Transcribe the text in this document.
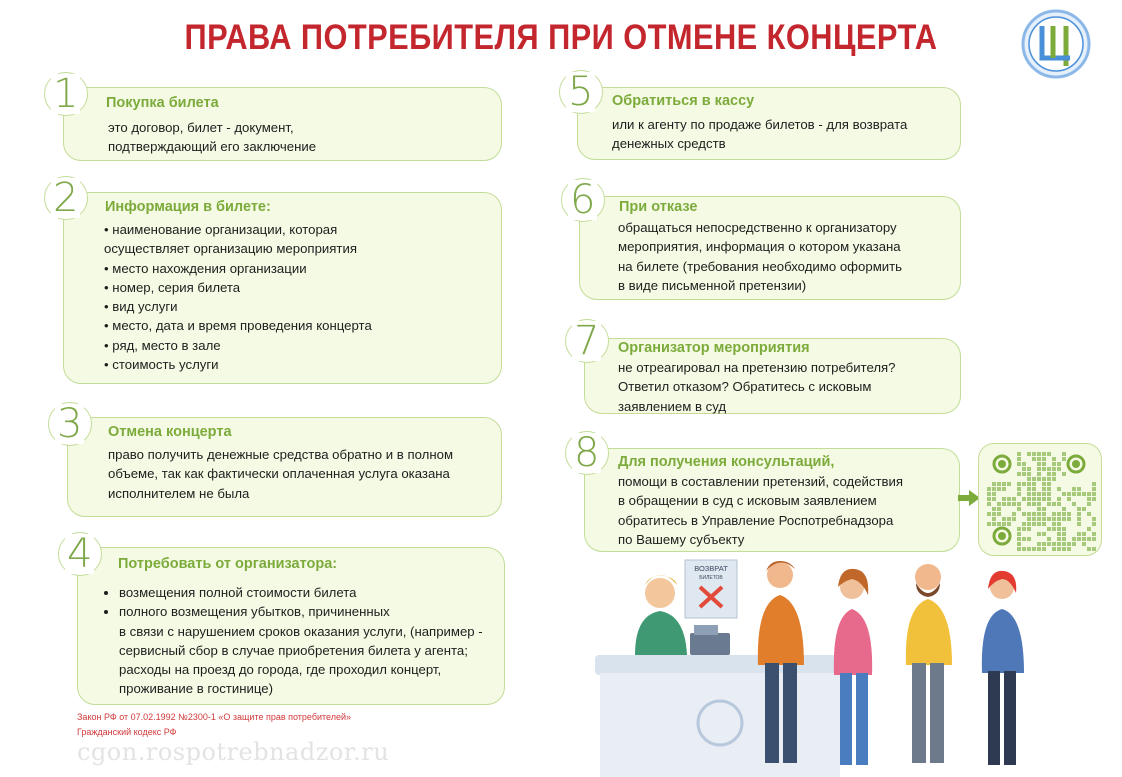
ПРАВА ПОТРЕБИТЕЛЯ ПРИ ОТМЕНЕ КОНЦЕРТА
1 Покупка билета
это договор, билет - документ,
подтверждающий его заключение
2 Информация в билете:
• наименование организации, которая
осуществляет организацию мероприятия
• место нахождения организации
• номер, серия билета
• вид услуги
• место, дата и время проведения концерта
• ряд, место в зале
• стоимость услуги
3 Отмена концерта
право получить денежные средства обратно и в полном
объеме, так как фактически оплаченная услуга оказана
исполнителем не была
4 Потребовать от организатора:
• возмещения полной стоимости билета
• полного возмещения убытков, причиненных
в связи с нарушением сроков оказания услуги, (например -
сервисный сбор в случае приобретения билета у агента;
расходы на проезд до города, где проходил концерт,
проживание в гостинице)
5 Обратиться в кассу
или к агенту по продаже билетов - для возврата
денежных средств
6 При отказе
обращаться непосредственно к организатору
мероприятия, информация о котором указана
на билете (требования необходимо оформить
в виде письменной претензии)
7 Организатор мероприятия
не отреагировал на претензию потребителя?
Ответил отказом? Обратитесь с исковым
заявлением в суд
8 Для получения консультаций,
помощи в составлении претензий, содействия
в обращении в суд с исковым заявлением
обратитесь в Управление Роспотребнадзора
по Вашему субъекту
ВОЗВРАТ
БИЛЕТОВ
Закон РФ от 07.02.1992 №2300-1 «О защите прав потребителей»
Гражданский кодекс РФ
cgon.rospotrebnadzor.ru
